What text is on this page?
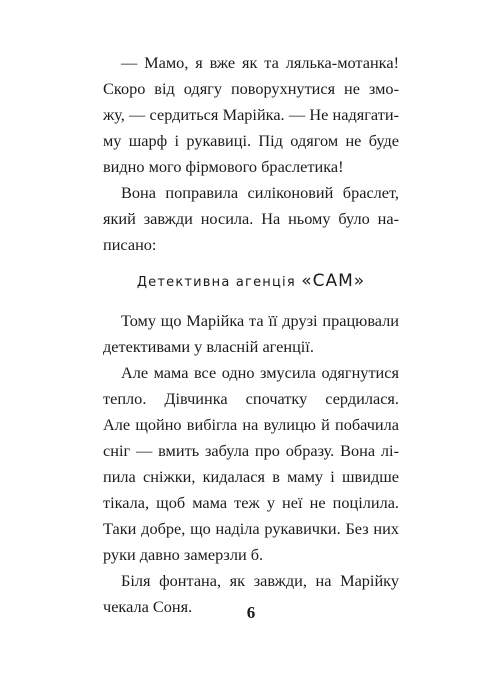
— Мамо, я вже як та лялька-мотанка!
Скоро від одягу поворухнутися не змо-
жу, — сердиться Марійка. — Не надягати-
му шарф і рукавиці. Під одягом не буде
видно мого фірмового браслетика!
Вона поправила силіконовий браслет,
який завжди носила. На ньому було на-
писано:
Детективна агенція «САМ»
Тому що Марійка та її друзі працювали
детективами у власній агенції.
Але мама все одно змусила одягнутися
тепло. Дівчинка спочатку сердилася.
Але щойно вибігла на вулицю й побачила
сніг — вмить забула про образу. Вона лі-
пила сніжки, кидалася в маму і швидше
тікала, щоб мама теж у неї не поцілила.
Таки добре, що наділа рукавички. Без них
руки давно замерзли б.
Біля фонтана, як завжди, на Марійку
чекала Соня.	6
